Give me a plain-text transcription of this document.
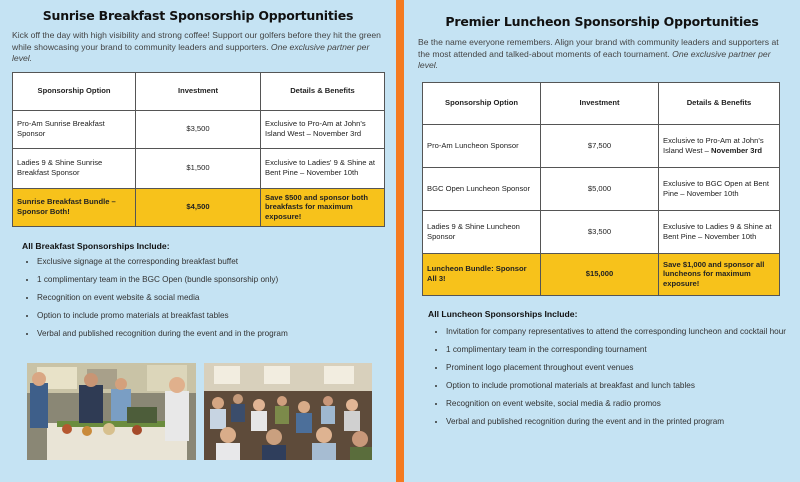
Sunrise Breakfast Sponsorship Opportunities

Kick off the day with high visibility and strong coffee! Support our golfers before they hit the green while showcasing your brand to community leaders and supporters. One exclusive partner per level.

Sponsorship Option	Investment	Details & Benefits
Pro-Am Sunrise Breakfast Sponsor	$3,500	Exclusive to Pro-Am at John's Island West – November 3rd
Ladies 9 & Shine Sunrise Breakfast Sponsor	$1,500	Exclusive to Ladies' 9 & Shine at Bent Pine – November 10th
Sunrise Breakfast Bundle – Sponsor Both!	$4,500	Save $500 and sponsor both breakfasts for maximum exposure!
All Breakfast Sponsorships Include:
• Exclusive signage at the corresponding breakfast buffet
• 1 complimentary team in the BGC Open (bundle sponsorship only)
• Recognition on event website & social media
• Option to include promo materials at breakfast tables
• Verbal and published recognition during the event and in the program
Premier Luncheon Sponsorship Opportunities

Be the name everyone remembers. Align your brand with community leaders and supporters at the most attended and talked-about moments of each tournament. One exclusive partner per level.

Sponsorship Option	Investment	Details & Benefits
Pro-Am Luncheon Sponsor	$7,500	Exclusive to Pro-Am at John's Island West – November 3rd
BGC Open Luncheon Sponsor	$5,000	Exclusive to BGC Open at Bent Pine – November 10th
Ladies 9 & Shine Luncheon Sponsor	$3,500	Exclusive to Ladies 9 & Shine at Bent Pine – November 10th
Luncheon Bundle: Sponsor All 3!	$15,000	Save $1,000 and sponsor all luncheons for maximum exposure!
All Luncheon Sponsorships Include:
• Invitation for company representatives to attend the corresponding luncheon and cocktail hour
• 1 complimentary team in the corresponding tournament
• Prominent logo placement throughout event venues
• Option to include promotional materials at breakfast and lunch tables
• Recognition on event website, social media & radio promos
• Verbal and published recognition during the event and in the printed program
